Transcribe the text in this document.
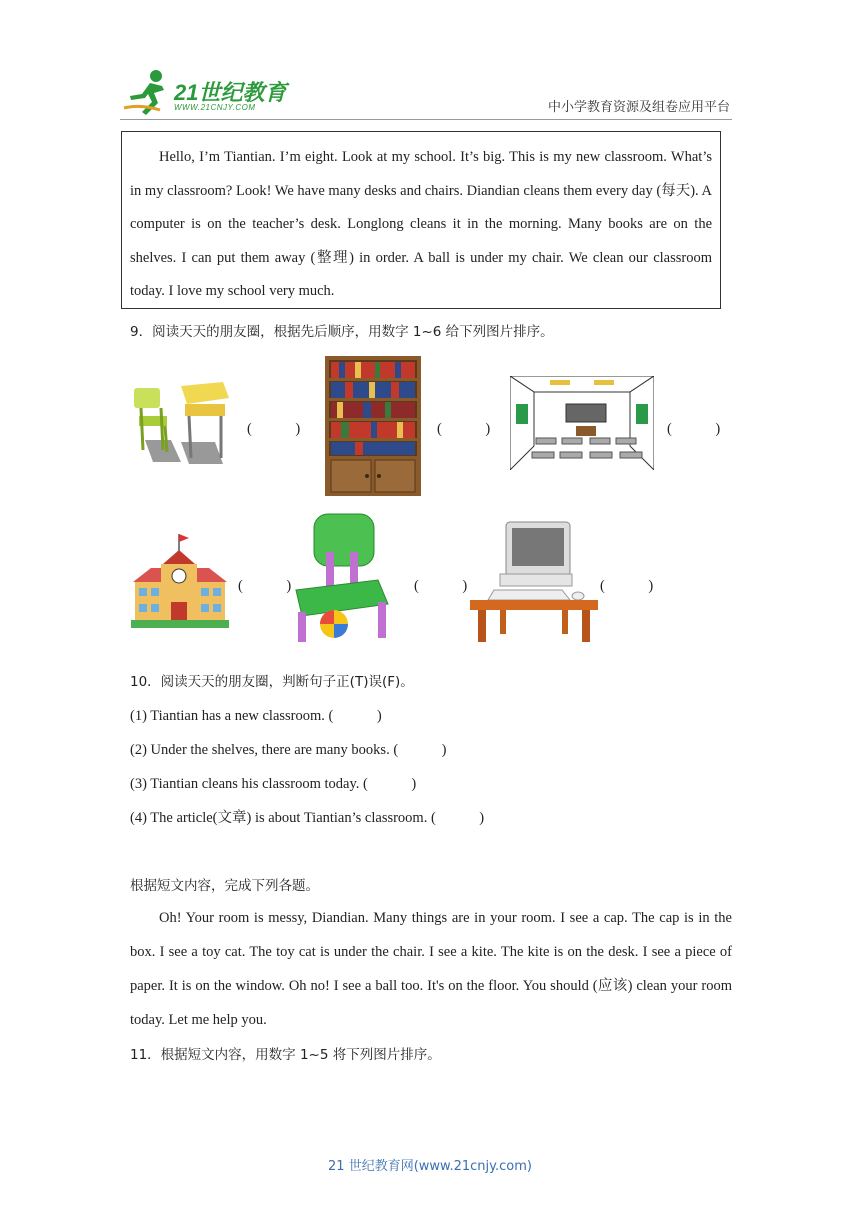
21世纪教育
WWW.21CNJY.COM	中小学教育资源及组卷应用平台
Hello, I’m Tiantian. I’m eight. Look at my school. It’s big. This is my new classroom. What’s in my classroom? Look! We have many desks and chairs. Diandian cleans them every day (每天). A computer is on the teacher’s desk. Longlong cleans it in the morning. Many books are on the shelves. I can put them away (整理) in order. A ball is under my chair. We clean our classroom today. I love my school very much.
9．阅读天天的朋友圈，根据先后顺序，用数字 1~6 给下列图片排序。
(　　　)	(　　　)	(　　　)
(　　　)	(　　　)	(　　　)
10．阅读天天的朋友圈，判断句子正(T)误(F)。
(1) Tiantian has a new classroom. (　　　)
(2) Under the shelves, there are many books. (　　　)
(3) Tiantian cleans his classroom today. (　　　)
(4) The article(文章) is about Tiantian’s classroom. (　　　)
根据短文内容，完成下列各题。
Oh! Your room is messy, Diandian. Many things are in your room. I see a cap. The cap is in the box. I see a toy cat. The toy cat is under the chair. I see a kite. The kite is on the desk. I see a piece of paper. It is on the window. Oh no! I see a ball too. It's on the floor. You should (应该) clean your room today. Let me help you.
11．根据短文内容，用数字 1~5 将下列图片排序。
21 世纪教育网(www.21cnjy.com)
